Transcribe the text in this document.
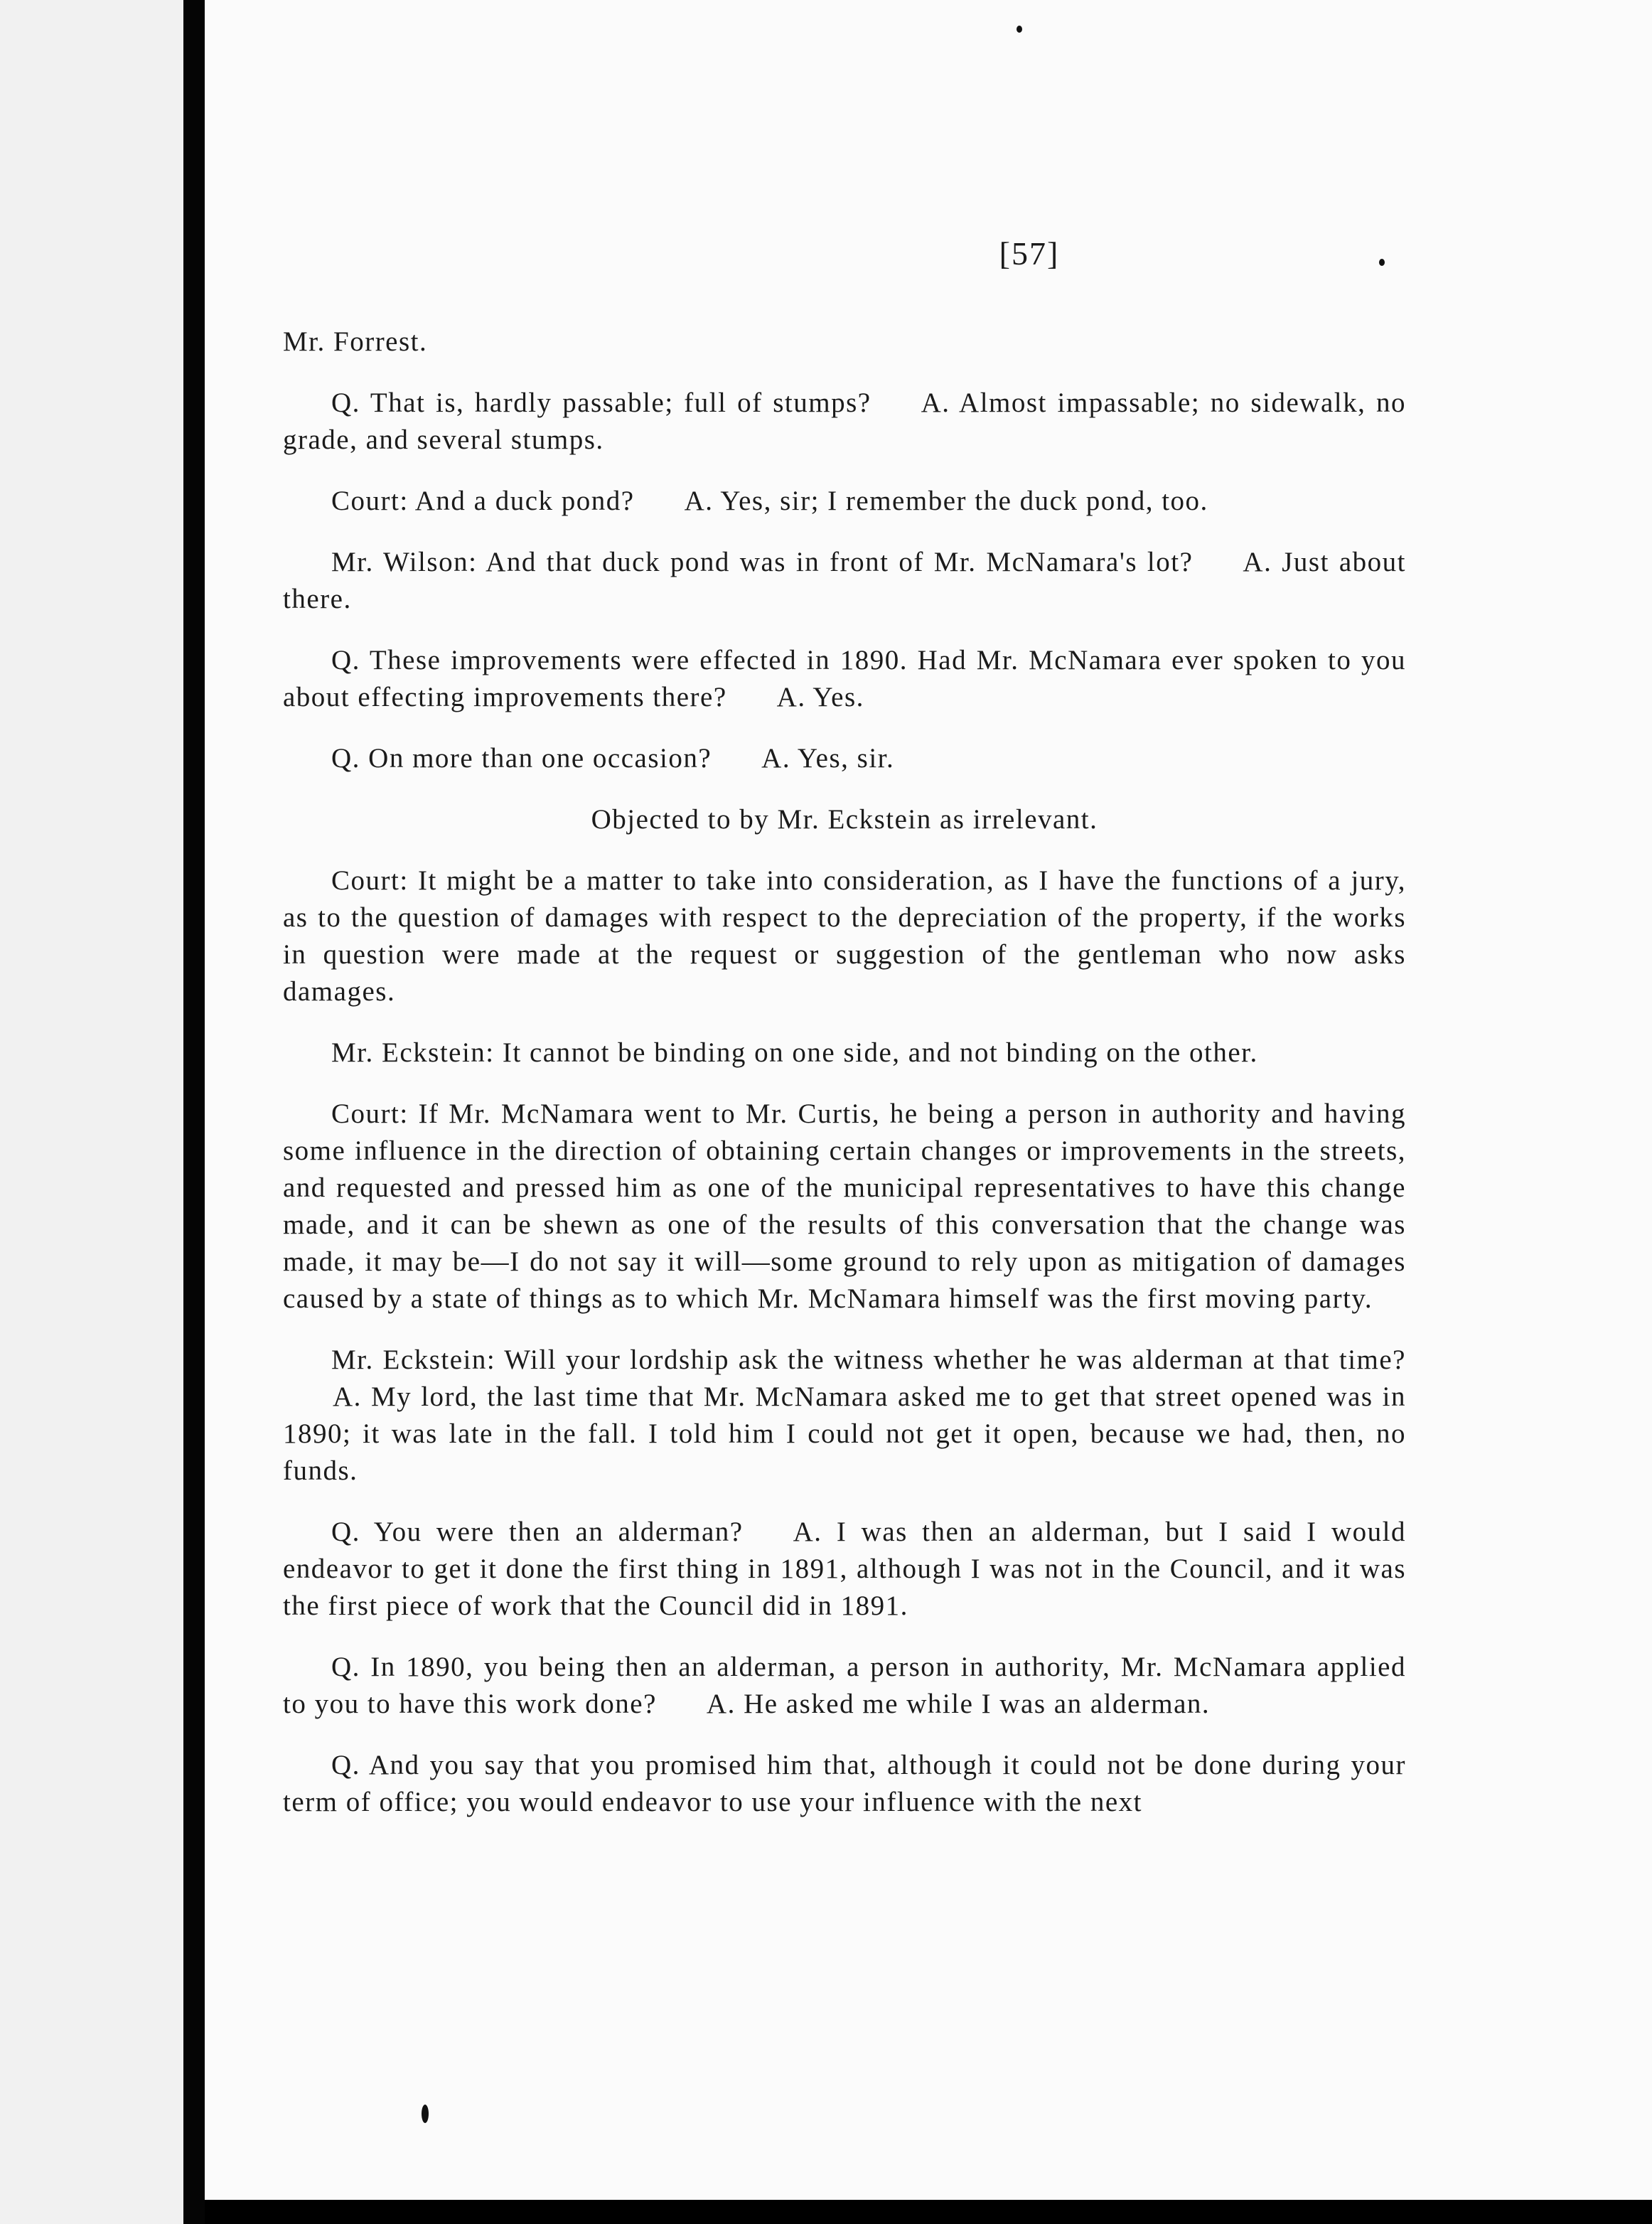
[57]

Mr. Forrest.

Q. That is, hardly passable; full of stumps? A. Almost impassable; no sidewalk, no grade, and several stumps.

Court: And a duck pond? A. Yes, sir; I remember the duck pond, too.

Mr. Wilson: And that duck pond was in front of Mr. McNamara's lot? A. Just about there.

Q. These improvements were effected in 1890. Had Mr. McNamara ever spoken to you about effecting improvements there? A. Yes.

Q. On more than one occasion? A. Yes, sir.

Objected to by Mr. Eckstein as irrelevant.

Court: It might be a matter to take into consideration, as I have the functions of a jury, as to the question of damages with respect to the depreciation of the property, if the works in question were made at the request or suggestion of the gentleman who now asks damages.

Mr. Eckstein: It cannot be binding on one side, and not binding on the other.

Court: If Mr. McNamara went to Mr. Curtis, he being a person in authority and having some influence in the direction of obtaining certain changes or improvements in the streets, and requested and pressed him as one of the municipal representatives to have this change made, and it can be shewn as one of the results of this conversation that the change was made, it may be—I do not say it will—some ground to rely upon as mitigation of damages caused by a state of things as to which Mr. McNamara himself was the first moving party.

Mr. Eckstein: Will your lordship ask the witness whether he was alderman at that time?A. My lord, the last time that Mr. McNamara asked me to get that street opened was in 1890; it was late in the fall. I told him I could not get it open, because we had, then, no funds.

Q. You were then an alderman? A. I was then an alderman, but I said I would endeavor to get it done the first thing in 1891, although I was not in the Council, and it was the first piece of work that the Council did in 1891.

Q. In 1890, you being then an alderman, a person in authority, Mr. McNamara applied to you to have this work done? A. He asked me while I was an alderman.

Q. And you say that you promised him that, although it could not be done during your term of office; you would endeavor to use your influence with the next
